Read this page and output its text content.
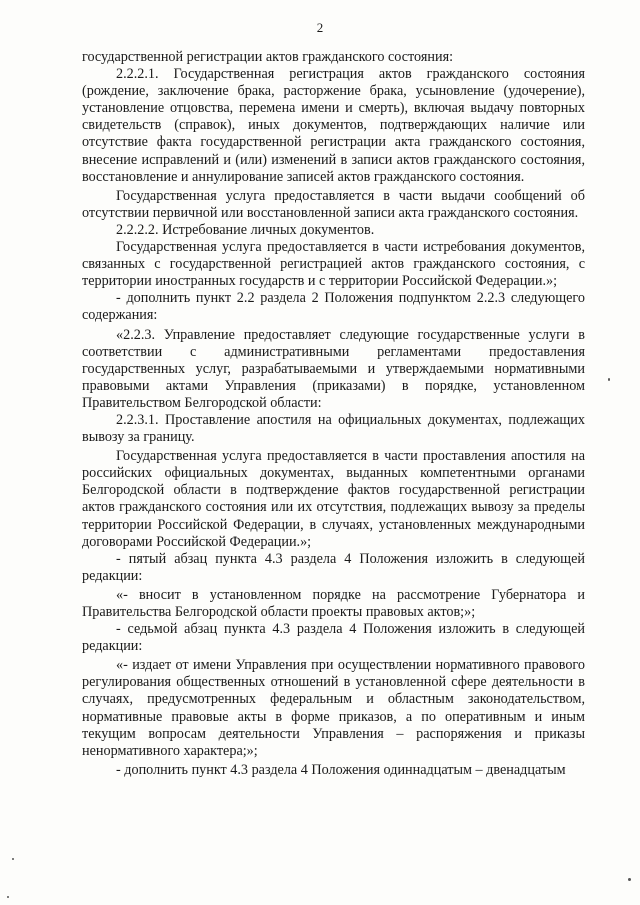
2

государственной регистрации актов гражданского состояния:

2.2.2.1. Государственная регистрация актов гражданского состояния (рождение, заключение брака, расторжение брака, усыновление (удочерение), установление отцовства, перемена имени и смерть), включая выдачу повторных свидетельств (справок), иных документов, подтверждающих наличие или отсутствие факта государственной регистрации акта гражданского состояния, внесение исправлений и (или) изменений в записи актов гражданского состояния, восстановление и аннулирование записей актов гражданского состояния.

Государственная услуга предоставляется в части выдачи сообщений об отсутствии первичной или восстановленной записи акта гражданского состояния.

2.2.2.2. Истребование личных документов.

Государственная услуга предоставляется в части истребования документов, связанных с государственной регистрацией актов гражданского состояния, с территории иностранных государств и с территории Российской Федерации.»;

- дополнить пункт 2.2 раздела 2 Положения подпунктом 2.2.3 следующего содержания:

«2.2.3. Управление предоставляет следующие государственные услуги в соответствии с административными регламентами предоставления государственных услуг, разрабатываемыми и утверждаемыми нормативными правовыми актами Управления (приказами) в порядке, установленном Правительством Белгородской области:

2.2.3.1. Проставление апостиля на официальных документах, подлежащих вывозу за границу.

Государственная услуга предоставляется в части проставления апостиля на российских официальных документах, выданных компетентными органами Белгородской области в подтверждение фактов государственной регистрации актов гражданского состояния или их отсутствия, подлежащих вывозу за пределы территории Российской Федерации, в случаях, установленных международными договорами Российской Федерации.»;

- пятый абзац пункта 4.3 раздела 4 Положения изложить в следующей редакции:

«- вносит в установленном порядке на рассмотрение Губернатора и Правительства Белгородской области проекты правовых актов;»;

- седьмой абзац пункта 4.3 раздела 4 Положения изложить в следующей редакции:

«- издает от имени Управления при осуществлении нормативного правового регулирования общественных отношений в установленной сфере деятельности в случаях, предусмотренных федеральным и областным законодательством, нормативные правовые акты в форме приказов, а по оперативным и иным текущим вопросам деятельности Управления – распоряжения и приказы ненормативного характера;»;

- дополнить пункт 4.3 раздела 4 Положения одиннадцатым – двенадцатым
